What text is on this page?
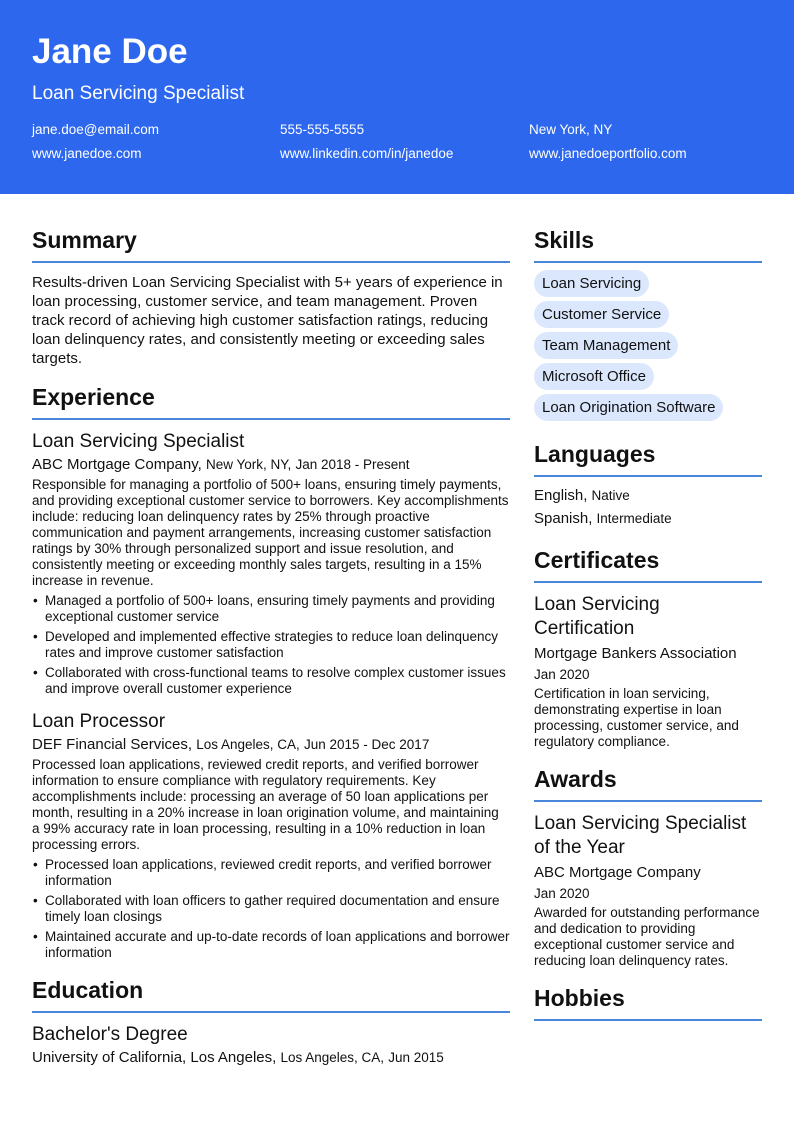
Jane Doe
Loan Servicing Specialist
jane.doe@email.com	555-555-5555	New York, NY
www.janedoe.com	www.linkedin.com/in/janedoe	www.janedoeportfolio.com
Summary
Results-driven Loan Servicing Specialist with 5+ years of experience in loan processing, customer service, and team management. Proven track record of achieving high customer satisfaction ratings, reducing loan delinquency rates, and consistently meeting or exceeding sales targets.
Experience
Loan Servicing Specialist
ABC Mortgage Company, New York, NY, Jan 2018 - Present
Responsible for managing a portfolio of 500+ loans, ensuring timely payments, and providing exceptional customer service to borrowers. Key accomplishments include: reducing loan delinquency rates by 25% through proactive communication and payment arrangements, increasing customer satisfaction ratings by 30% through personalized support and issue resolution, and consistently meeting or exceeding monthly sales targets, resulting in a 15% increase in revenue.
• Managed a portfolio of 500+ loans, ensuring timely payments and providing exceptional customer service
• Developed and implemented effective strategies to reduce loan delinquency rates and improve customer satisfaction
• Collaborated with cross-functional teams to resolve complex customer issues and improve overall customer experience
Loan Processor
DEF Financial Services, Los Angeles, CA, Jun 2015 - Dec 2017
Processed loan applications, reviewed credit reports, and verified borrower information to ensure compliance with regulatory requirements. Key accomplishments include: processing an average of 50 loan applications per month, resulting in a 20% increase in loan origination volume, and maintaining a 99% accuracy rate in loan processing, resulting in a 10% reduction in loan processing errors.
• Processed loan applications, reviewed credit reports, and verified borrower information
• Collaborated with loan officers to gather required documentation and ensure timely loan closings
• Maintained accurate and up-to-date records of loan applications and borrower information
Education
Bachelor's Degree
University of California, Los Angeles, Los Angeles, CA, Jun 2015
Skills
Loan Servicing
Customer Service
Team Management
Microsoft Office
Loan Origination Software
Languages
English, Native
Spanish, Intermediate
Certificates
Loan Servicing Certification
Mortgage Bankers Association
Jan 2020
Certification in loan servicing, demonstrating expertise in loan processing, customer service, and regulatory compliance.
Awards
Loan Servicing Specialist of the Year
ABC Mortgage Company
Jan 2020
Awarded for outstanding performance and dedication to providing exceptional customer service and reducing loan delinquency rates.
Hobbies
